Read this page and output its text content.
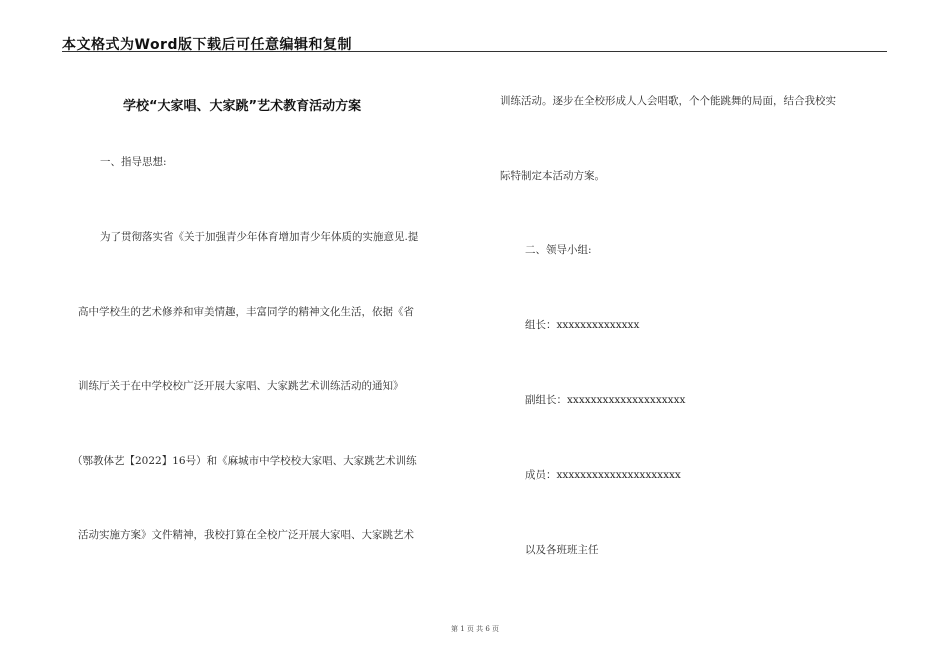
本文格式为Word版下载后可任意编辑和复制
学校“大家唱、大家跳”艺术教育活动方案
一、指导思想:
为了贯彻落实省《关于加强青少年体育增加青少年体质的实施意见.提
高中学校生的艺术修养和审美情趣，丰富同学的精神文化生活，依据《省
训练厅关于在中学校校广泛开展大家唱、大家跳艺术训练活动的通知》
（鄂教体艺【2022】16号）和《麻城市中学校校大家唱、大家跳艺术训练
活动实施方案》文件精神，我校打算在全校广泛开展大家唱、大家跳艺术
训练活动。逐步在全校形成人人会唱歌，个个能跳舞的局面，结合我校实
际特制定本活动方案。
二、领导小组:
组长：xxxxxxxxxxxxxx
副组长：xxxxxxxxxxxxxxxxxxxx
成员：xxxxxxxxxxxxxxxxxxxxx
以及各班班主任
第 1 页 共 6 页
